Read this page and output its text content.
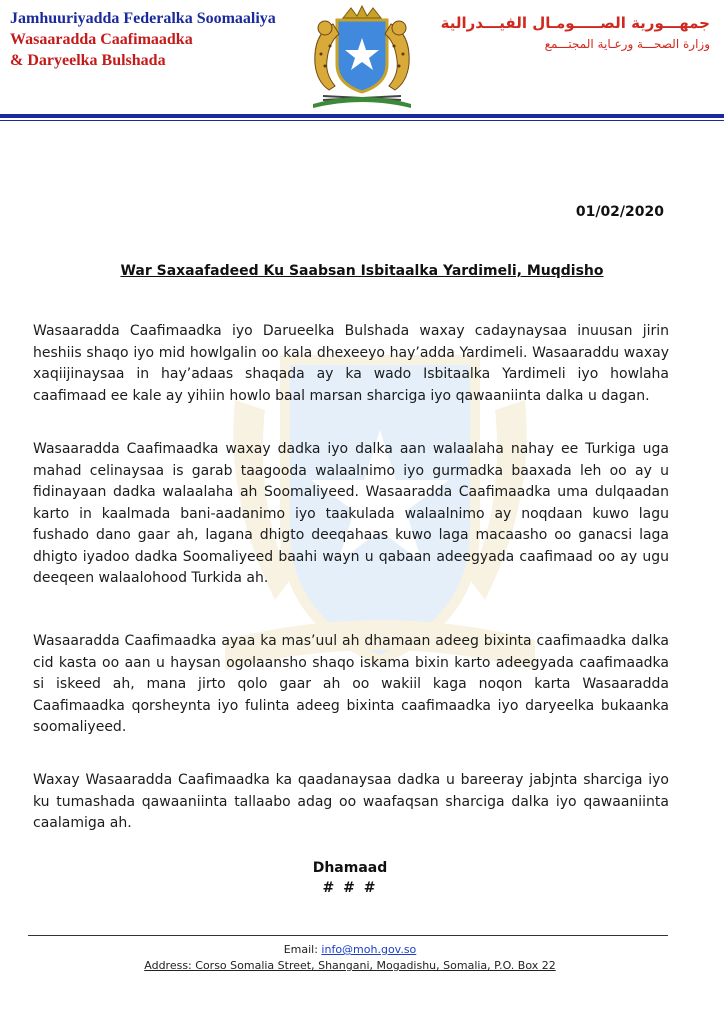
Jamhuuriyadda Federalka Soomaaliya
Wasaaradda Caafimaadka
& Daryeelka Bulshada
جمهـــورية الصـــــومـال الفيـــدرالية
وزارة الصحـــة ورعـاية المجتـــمع
01/02/2020
War Saxaafadeed Ku Saabsan Isbitaalka Yardimeli, Muqdisho

Wasaaradda Caafimaadka iyo Darueelka Bulshada waxay cadaynaysaa inuusan jirin heshiis shaqo iyo mid howlgalin oo kala dhexeeyo hay’adda Yardimeli. Wasaaraddu waxay xaqiijinaysaa in hay’adaas shaqada ay ka wado Isbitaalka Yardimeli iyo howlaha caafimaad ee kale ay yihiin howlo baal marsan sharciga iyo qawaaniinta dalka u dagan.

Wasaaradda Caafimaadka waxay dadka iyo dalka aan walaalaha nahay ee Turkiga uga mahad celinaysaa is garab taagooda walaalnimo iyo gurmadka baaxada leh oo ay u fidinayaan dadka walaalaha ah Soomaliyeed. Wasaaradda Caafimaadka uma dulqaadan karto in kaalmada bani-aadanimo iyo taakulada walaalnimo ay noqdaan kuwo lagu fushado dano gaar ah, lagana dhigto deeqahaas kuwo laga macaasho oo ganacsi laga dhigto iyadoo dadka Soomaliyeed baahi wayn u qabaan adeegyada caafimaad oo ay ugu deeqeen walaalohood Turkida ah.

Wasaaradda Caafimaadka ayaa ka mas’uul ah dhamaan adeeg bixinta caafimaadka dalka cid kasta oo aan u haysan ogolaansho shaqo iskama bixin karto adeegyada caafimaadka si iskeed ah, mana jirto qolo gaar ah oo wakiil kaga noqon karta Wasaaradda Caafimaadka qorsheynta iyo fulinta adeeg bixinta caafimaadka iyo daryeelka bukaanka soomaliyeed.

Waxay Wasaaradda Caafimaadka ka qaadanaysaa dadka u bareeray jabjnta sharciga iyo ku tumashada qawaaniinta tallaabo adag oo waafaqsan sharciga dalka iyo qawaaniinta caalamiga ah.

Dhamaad
# # #
Email: info@moh.gov.so
Address: Corso Somalia Street, Shangani, Mogadishu, Somalia, P.O. Box 22
